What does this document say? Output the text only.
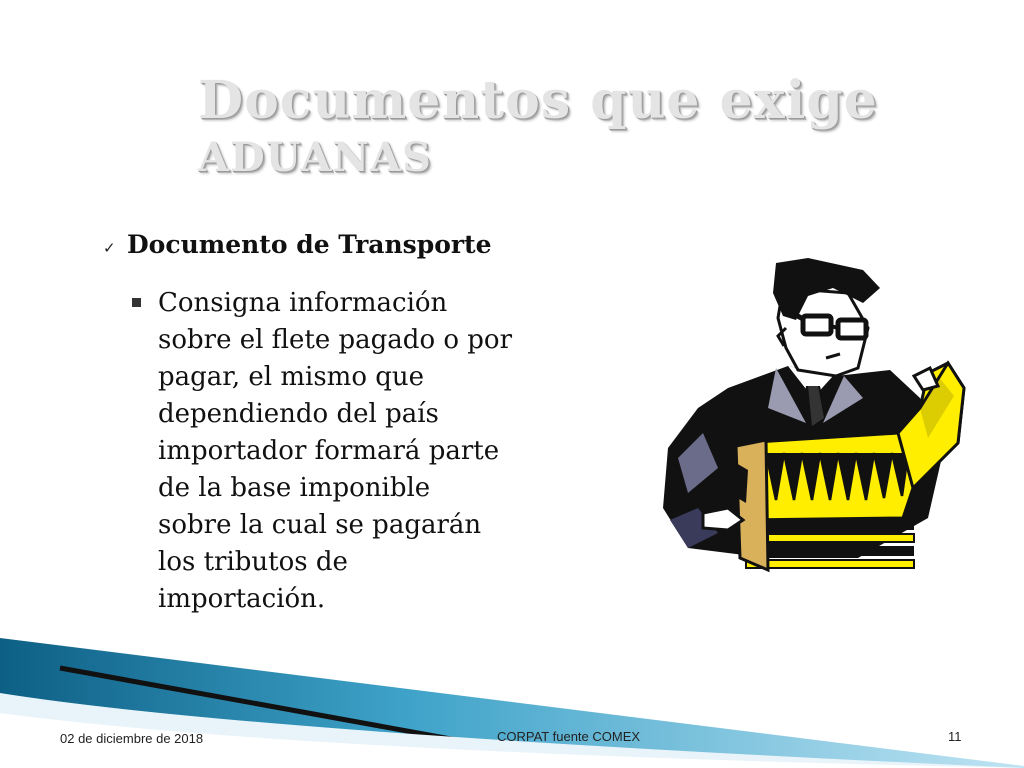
Documentos que exige
ADUANAS
✓ Documento de Transporte
Consigna información
sobre el flete pagado o por
pagar, el mismo que
dependiendo del país
importador formará parte
de la base imponible
sobre la cual se pagarán
los tributos de
importación.
02 de diciembre de 2018	CORPAT fuente COMEX	11
